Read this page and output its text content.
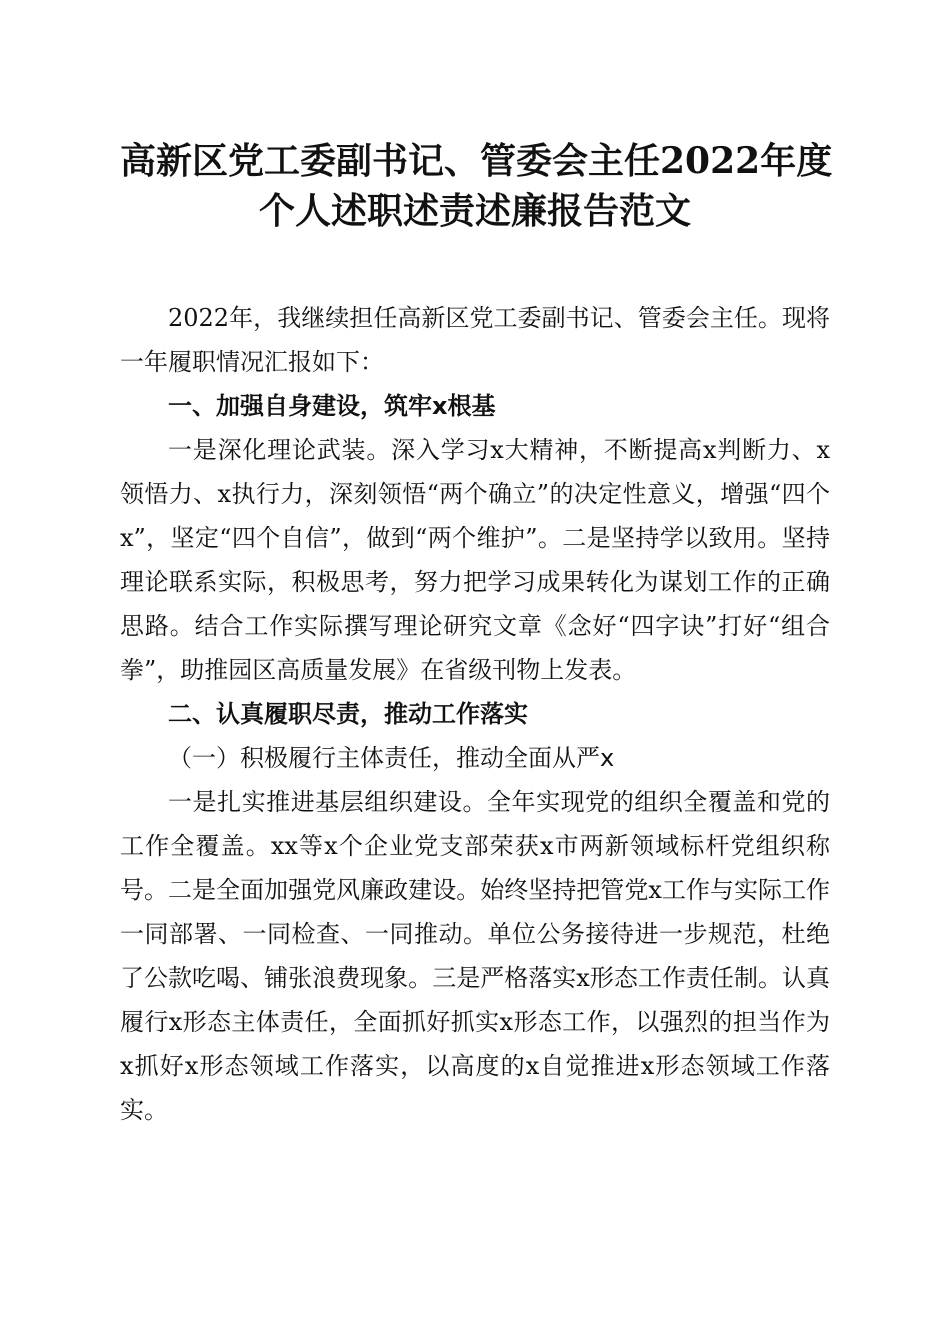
高新区党工委副书记、管委会主任2022年度
个人述职述责述廉报告范文

2022年，我继续担任高新区党工委副书记、管委会主任。现将一年履职情况汇报如下：

一、加强自身建设，筑牢x根基

一是深化理论武装。深入学习x大精神，不断提高x判断力、x领悟力、x执行力，深刻领悟“两个确立”的决定性意义，增强“四个x”，坚定“四个自信”，做到“两个维护”。二是坚持学以致用。坚持理论联系实际，积极思考，努力把学习成果转化为谋划工作的正确思路。结合工作实际撰写理论研究文章《念好“四字诀”打好“组合拳”，助推园区高质量发展》在省级刊物上发表。

二、认真履职尽责，推动工作落实

（一）积极履行主体责任，推动全面从严x

一是扎实推进基层组织建设。全年实现党的组织全覆盖和党的工作全覆盖。xx等x个企业党支部荣获x市两新领域标杆党组织称号。二是全面加强党风廉政建设。始终坚持把管党x工作与实际工作一同部署、一同检查、一同推动。单位公务接待进一步规范，杜绝了公款吃喝、铺张浪费现象。三是严格落实x形态工作责任制。认真履行x形态主体责任，全面抓好抓实x形态工作，以强烈的担当作为x抓好x形态领域工作落实，以高度的x自觉推进x形态领域工作落实。
